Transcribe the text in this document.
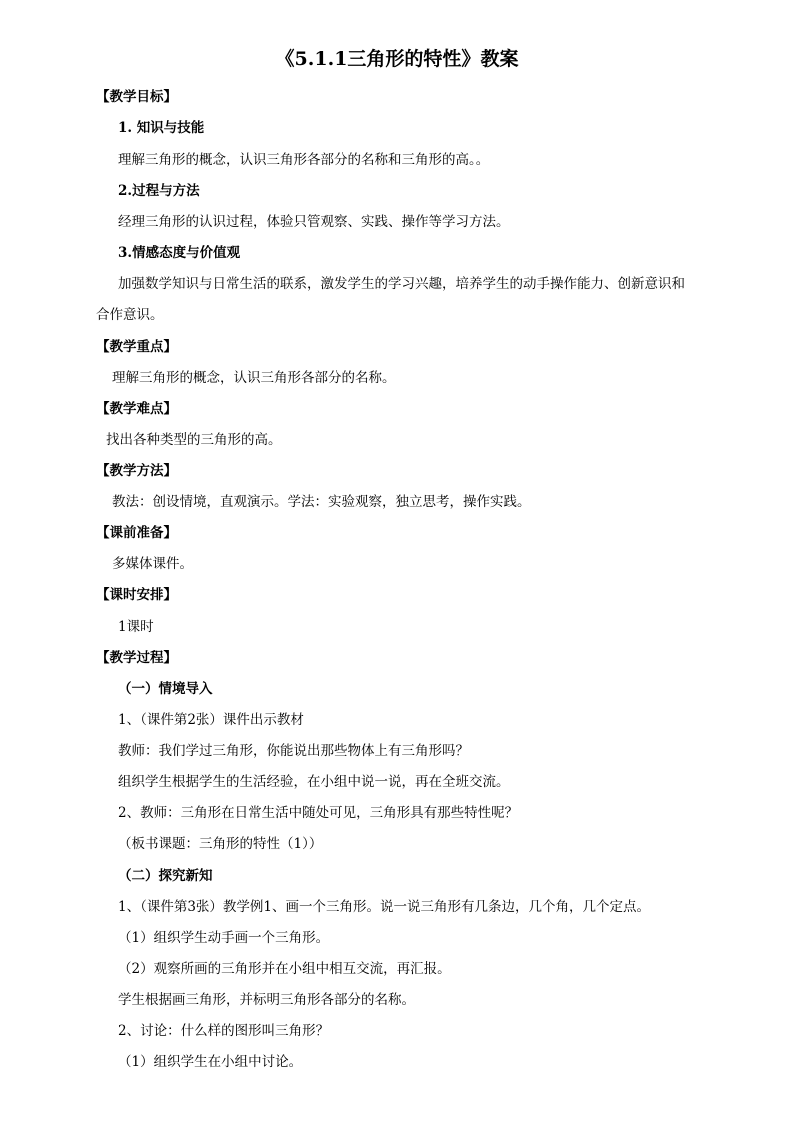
《5.1.1三角形的特性》教案
【教学目标】
1. 知识与技能
理解三角形的概念，认识三角形各部分的名称和三角形的高。。
2.过程与方法
经理三角形的认识过程，体验只管观察、实践、操作等学习方法。
3.情感态度与价值观
加强数学知识与日常生活的联系，激发学生的学习兴趣，培养学生的动手操作能力、创新意识和
合作意识。
【教学重点】
理解三角形的概念，认识三角形各部分的名称。
【教学难点】
找出各种类型的三角形的高。
【教学方法】
教法：创设情境，直观演示。学法：实验观察，独立思考，操作实践。
【课前准备】
多媒体课件。
【课时安排】
1课时
【教学过程】
（一）情境导入
1、（课件第2张）课件出示教材
教师：我们学过三角形，你能说出那些物体上有三角形吗？
组织学生根据学生的生活经验，在小组中说一说，再在全班交流。
2、教师：三角形在日常生活中随处可见，三角形具有那些特性呢？
（板书课题：三角形的特性（1））
（二）探究新知
1、（课件第3张）教学例1、画一个三角形。说一说三角形有几条边，几个角，几个定点。
（1）组织学生动手画一个三角形。
（2）观察所画的三角形并在小组中相互交流，再汇报。
学生根据画三角形，并标明三角形各部分的名称。
2、讨论：什么样的图形叫三角形？
（1）组织学生在小组中讨论。
